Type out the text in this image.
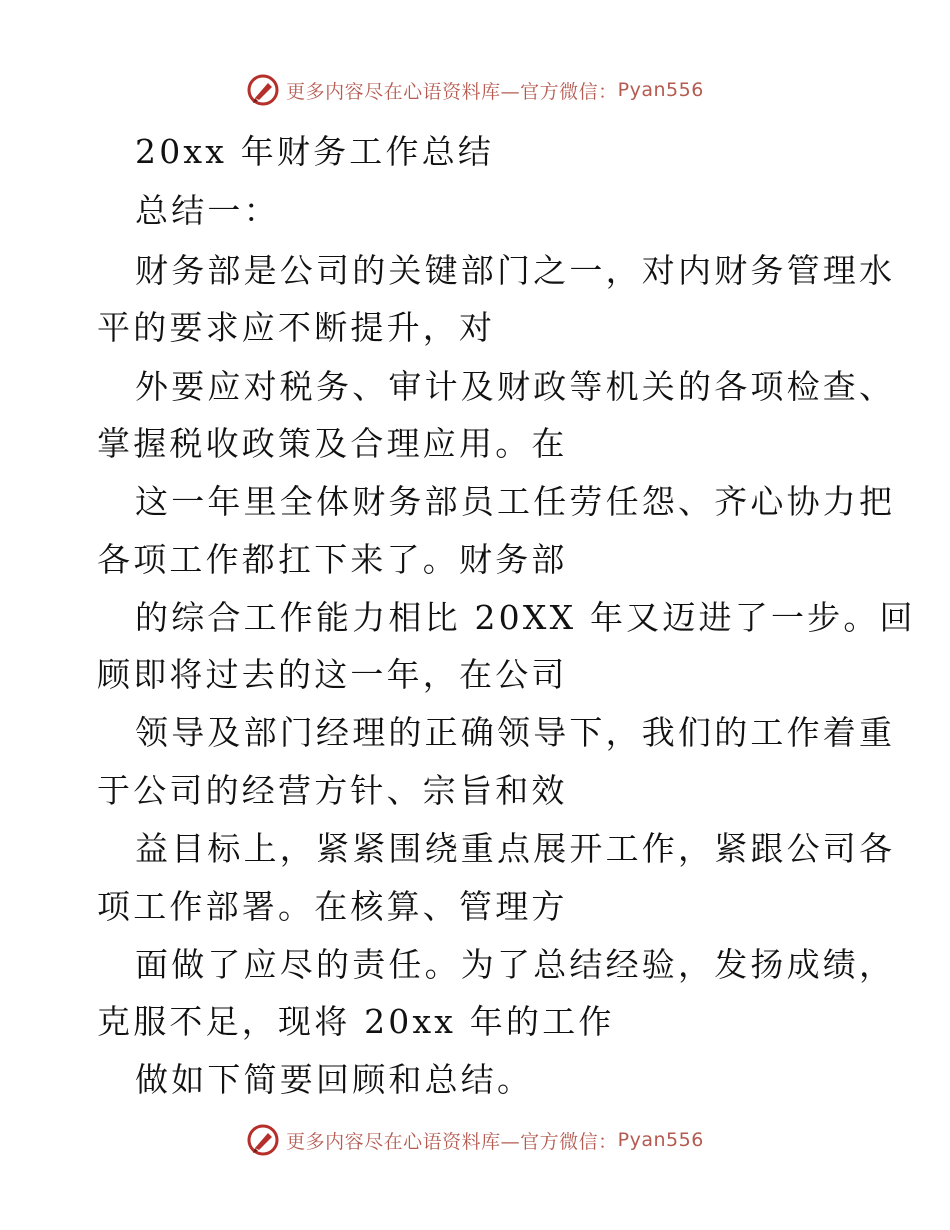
更多内容尽在心语资料库—官方微信： Pyan556
20xx 年财务工作总结
总结一：
财务部是公司的关键部门之一，对内财务管理水
平的要求应不断提升，对
外要应对税务、审计及财政等机关的各项检查、
掌握税收政策及合理应用。在
这一年里全体财务部员工任劳任怨、齐心协力把
各项工作都扛下来了。财务部
的综合工作能力相比 20XX 年又迈进了一步。回
顾即将过去的这一年，在公司
领导及部门经理的正确领导下，我们的工作着重
于公司的经营方针、宗旨和效
益目标上，紧紧围绕重点展开工作，紧跟公司各
项工作部署。在核算、管理方
面做了应尽的责任。为了总结经验，发扬成绩，
克服不足，现将 20xx 年的工作
做如下简要回顾和总结。
更多内容尽在心语资料库—官方微信： Pyan556
